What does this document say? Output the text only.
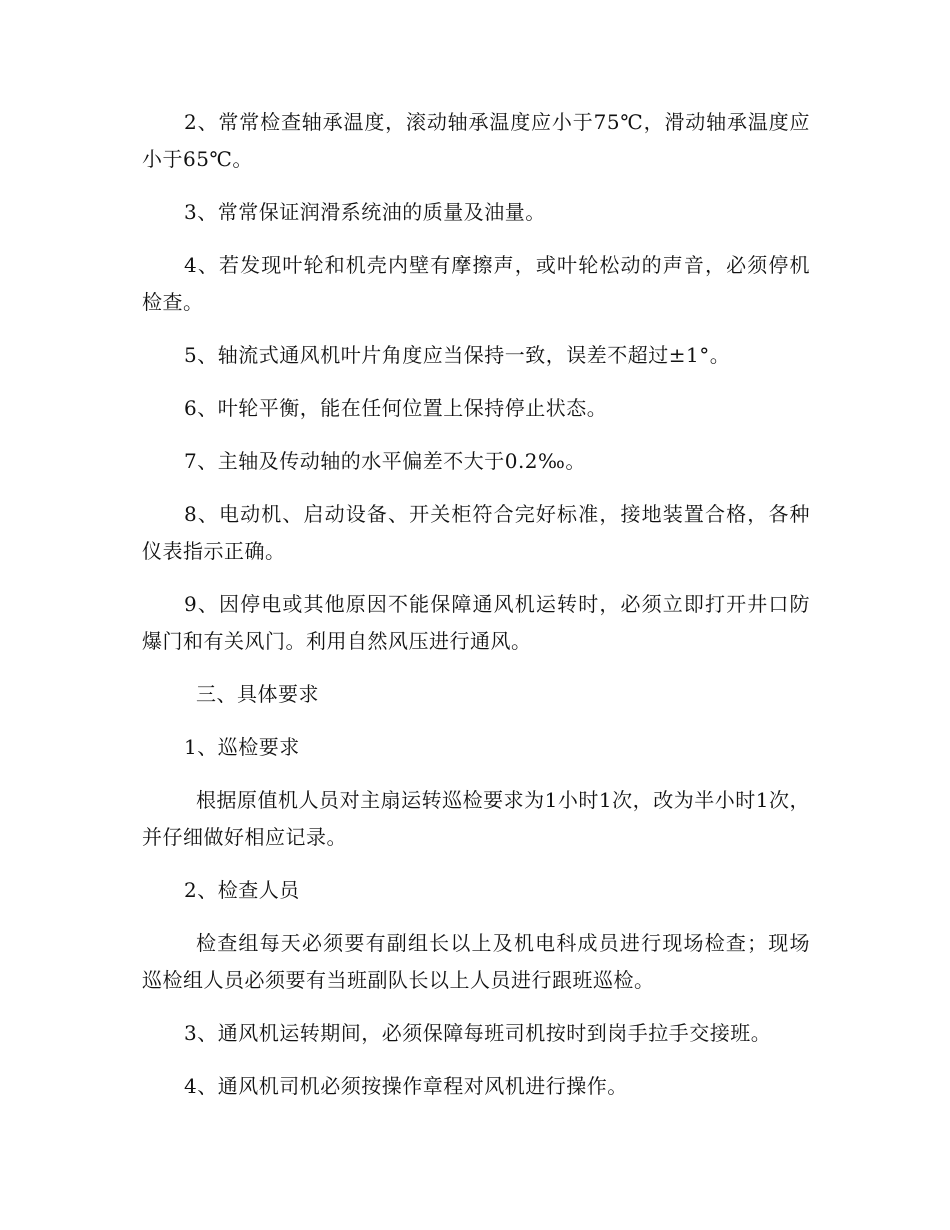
2、常常检查轴承温度，滚动轴承温度应小于75℃，滑动轴承温度应小于65℃。

3、常常保证润滑系统油的质量及油量。

4、若发现叶轮和机壳内壁有摩擦声，或叶轮松动的声音，必须停机检查。

5、轴流式通风机叶片角度应当保持一致，误差不超过±1°。

6、叶轮平衡，能在任何位置上保持停止状态。

7、主轴及传动轴的水平偏差不大于0.2‰。

8、电动机、启动设备、开关柜符合完好标准，接地装置合格，各种仪表指示正确。

9、因停电或其他原因不能保障通风机运转时，必须立即打开井口防爆门和有关风门。利用自然风压进行通风。

三、具体要求

1、巡检要求

根据原值机人员对主扇运转巡检要求为1小时1次，改为半小时1次，并仔细做好相应记录。

2、检查人员

检查组每天必须要有副组长以上及机电科成员进行现场检查；现场巡检组人员必须要有当班副队长以上人员进行跟班巡检。

3、通风机运转期间，必须保障每班司机按时到岗手拉手交接班。

4、通风机司机必须按操作章程对风机进行操作。
